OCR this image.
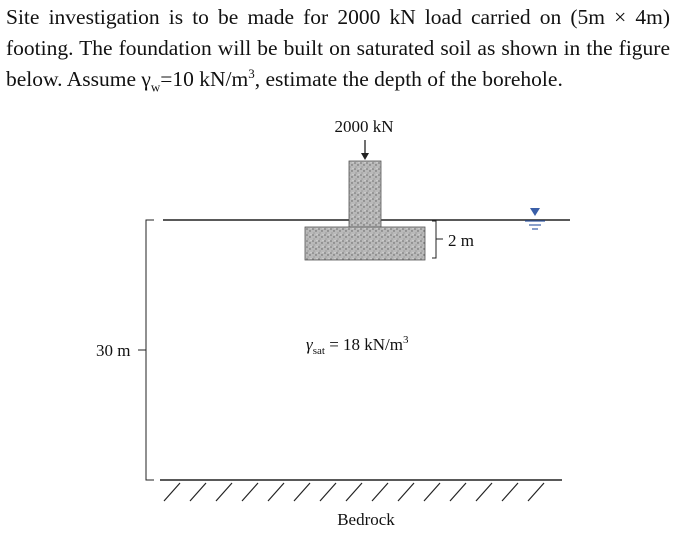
Site investigation is to be made for 2000 kN load carried on (5m × 4m) footing. The foundation will be built on saturated soil as shown in the figure below. Assume $\gamma_w=10$ $kN/m^3$, estimate the depth of the borehole.
2000 kN
2 m
30 m	$\gamma_{sat} = 18$ $kN/m^3$
Bedrock
